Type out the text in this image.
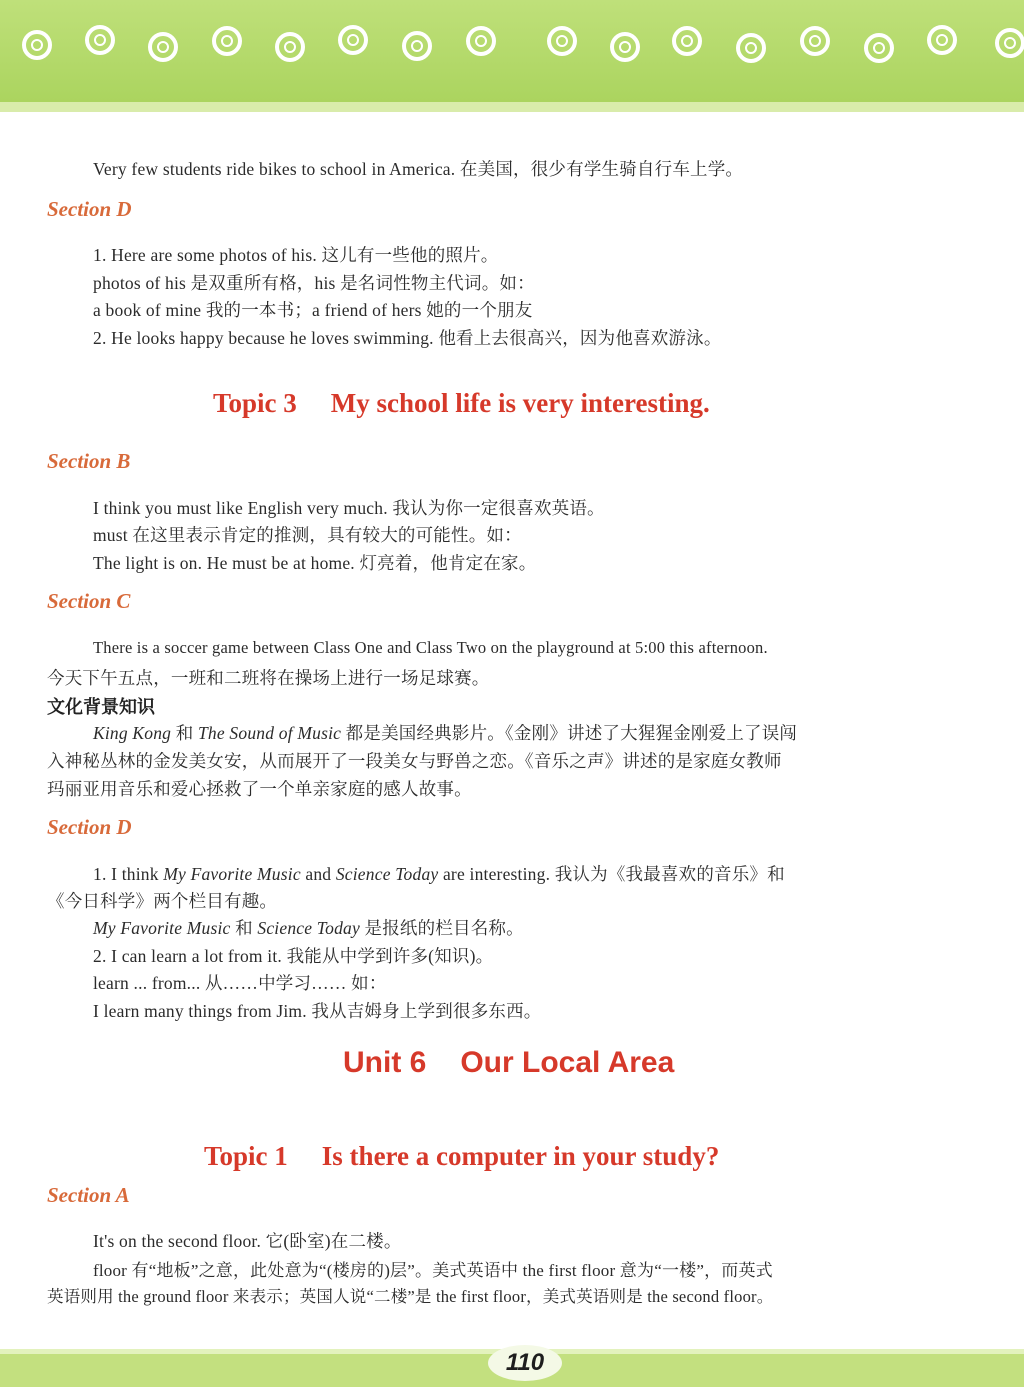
Very few students ride bikes to school in America. 在美国，很少有学生骑自行车上学。
Section D
1. Here are some photos of his. 这儿有一些他的照片。
photos of his 是双重所有格，his 是名词性物主代词。如：
a book of mine 我的一本书；a friend of hers 她的一个朋友
2. He looks happy because he loves swimming. 他看上去很高兴，因为他喜欢游泳。
Topic 3 My school life is very interesting.
Section B
I think you must like English very much. 我认为你一定很喜欢英语。
must 在这里表示肯定的推测，具有较大的可能性。如：
The light is on. He must be at home. 灯亮着，他肯定在家。
Section C
There is a soccer game between Class One and Class Two on the playground at 5:00 this afternoon.
今天下午五点，一班和二班将在操场上进行一场足球赛。
文化背景知识
King Kong 和 The Sound of Music 都是美国经典影片。《金刚》讲述了大猩猩金刚爱上了误闯
入神秘丛林的金发美女安，从而展开了一段美女与野兽之恋。《音乐之声》讲述的是家庭女教师
玛丽亚用音乐和爱心拯救了一个单亲家庭的感人故事。
Section D
1. I think My Favorite Music and Science Today are interesting. 我认为《我最喜欢的音乐》和
《今日科学》两个栏目有趣。
My Favorite Music 和 Science Today 是报纸的栏目名称。
2. I can learn a lot from it. 我能从中学到许多(知识)。
learn ... from... 从……中学习…… 如：
I learn many things from Jim. 我从吉姆身上学到很多东西。
Unit 6 Our Local Area
Topic 1 Is there a computer in your study?
Section A
It's on the second floor. 它(卧室)在二楼。
floor 有“地板”之意，此处意为“(楼房的)层”。美式英语中 the first floor 意为“一楼”，而英式
英语则用 the ground floor 来表示；英国人说“二楼”是 the first floor，美式英语则是 the second floor。
110
